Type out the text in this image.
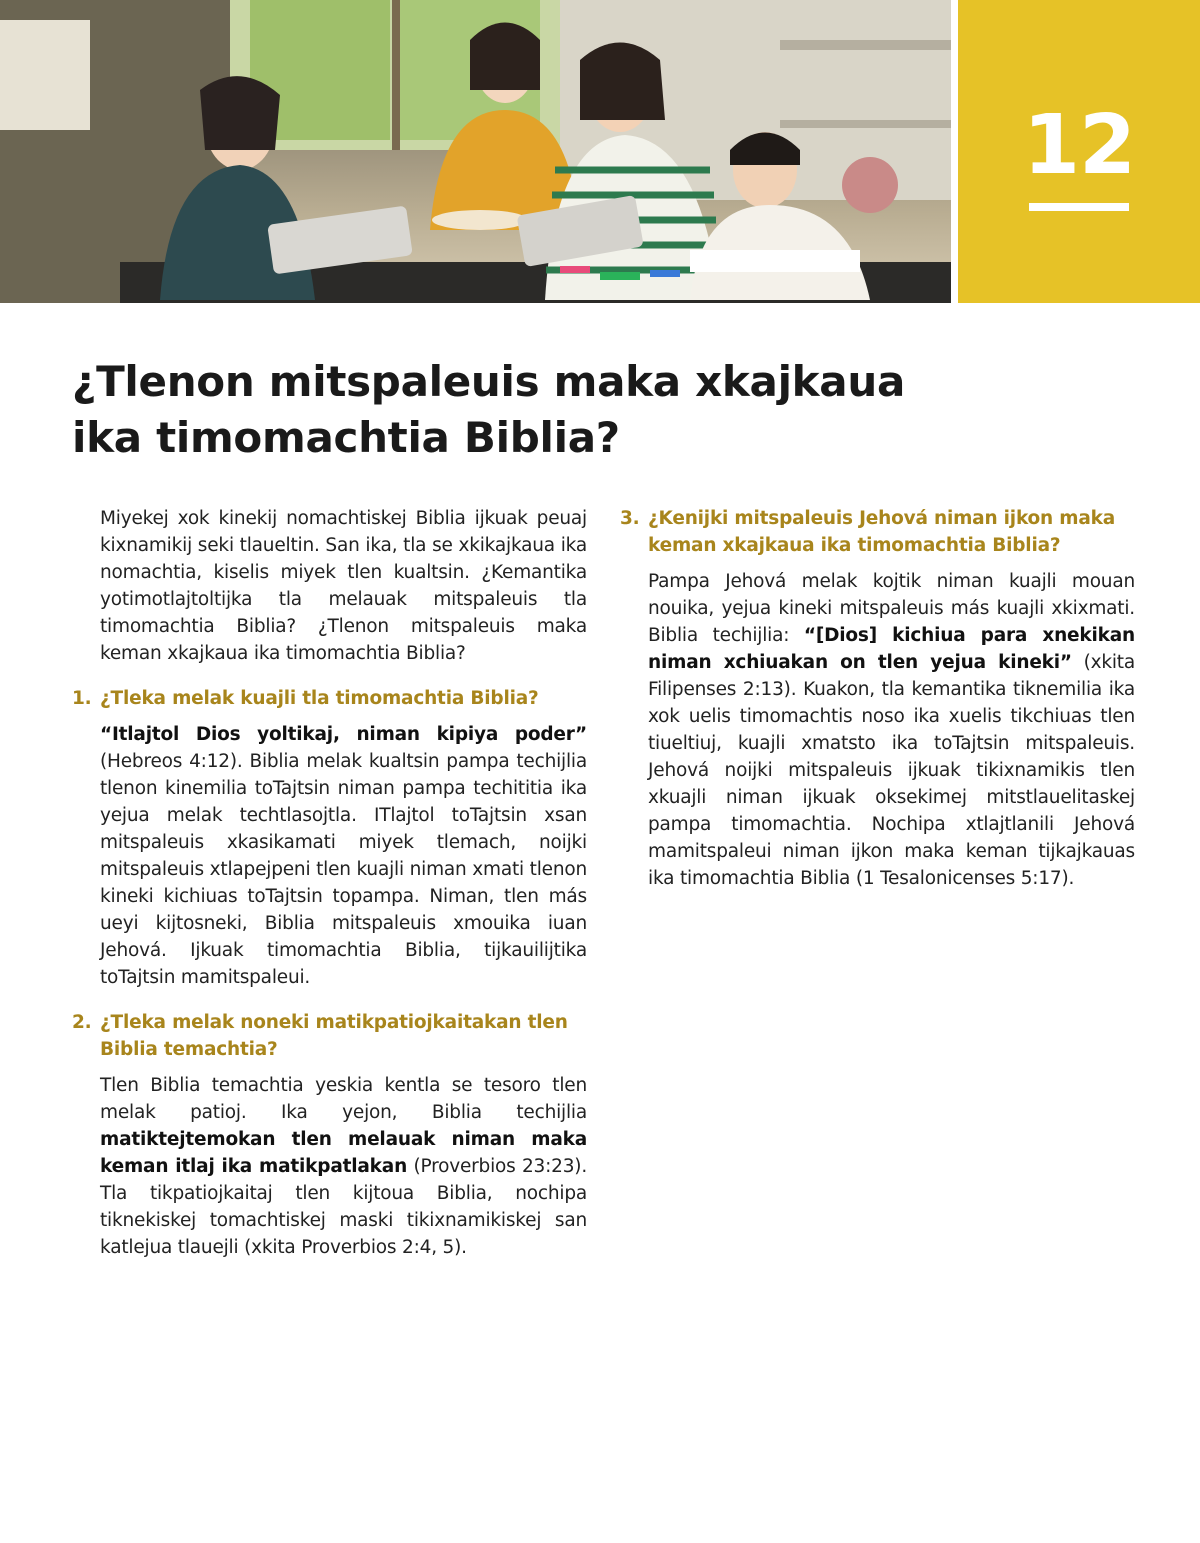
12
¿Tlenon mitspaleuis maka xkajkaua
ika timomachtia Biblia?

Miyekej xok kinekij nomachtiskej Biblia ijkuak peuaj kixnamikij seki tlaueltin. San ika, tla se xkikajkaua ika nomachtia, kiselis miyek tlen kualtsin. ¿Kemantika yotimotlajtoltijka tla melauak mitspaleuis tla timomachtia Biblia? ¿Tlenon mitspaleuis maka keman xkajkaua ika timomachtia Biblia?

1. ¿Tleka melak kuajli tla timomachtia Biblia?

“Itlajtol Dios yoltikaj, niman kipiya poder” (Hebreos 4:12). Biblia melak kualtsin pampa techijlia tlenon kinemilia toTajtsin niman pampa techititia ika yejua melak techtlasojtla. ITlajtol toTajtsin xsan mitspaleuis xkasikamati miyek tlemach, noijki mitspaleuis xtlapejpeni tlen kuajli niman xmati tlenon kineki kichiuas toTajtsin topampa. Niman, tlen más ueyi kijtosneki, Biblia mitspaleuis xmouika iuan Jehová. Ijkuak timomachtia Biblia, tijkauilijtika toTajtsin mamitspaleui.

2. ¿Tleka melak noneki matikpatiojkaitakan tlen Biblia temachtia?

Tlen Biblia temachtia yeskia kentla se tesoro tlen melak patioj. Ika yejon, Biblia techijlia matiktejtemokan tlen melauak niman maka keman itlaj ika matikpatlakan (Proverbios 23:23). Tla tikpatiojkaitaj tlen kijtoua Biblia, nochipa tiknekiskej tomachtiskej maski tikixnamikiskej san katlejua tlauejli (xkita Proverbios 2:4, 5).

3. ¿Kenijki mitspaleuis Jehová niman ijkon maka keman xkajkaua ika timomachtia Biblia?

Pampa Jehová melak kojtik niman kuajli mouan nouika, yejua kineki mitspaleuis más kuajli xkixmati. Biblia techijlia: “[Dios] kichiua para xnekikan niman xchiuakan on tlen yejua kineki” (xkita Filipenses 2:13). Kuakon, tla kemantika tiknemilia ika xok uelis timomachtis noso ika xuelis tikchiuas tlen tiueltiuj, kuajli xmatsto ika toTajtsin mitspaleuis. Jehová noijki mitspaleuis ijkuak tikixnamikis tlen xkuajli niman ijkuak oksekimej mitstlauelitaskej pampa timomachtia. Nochipa xtlajtlanili Jehová mamitspaleui niman ijkon maka keman tijkajkauas ika timomachtia Biblia (1 Tesalonicenses 5:17).
